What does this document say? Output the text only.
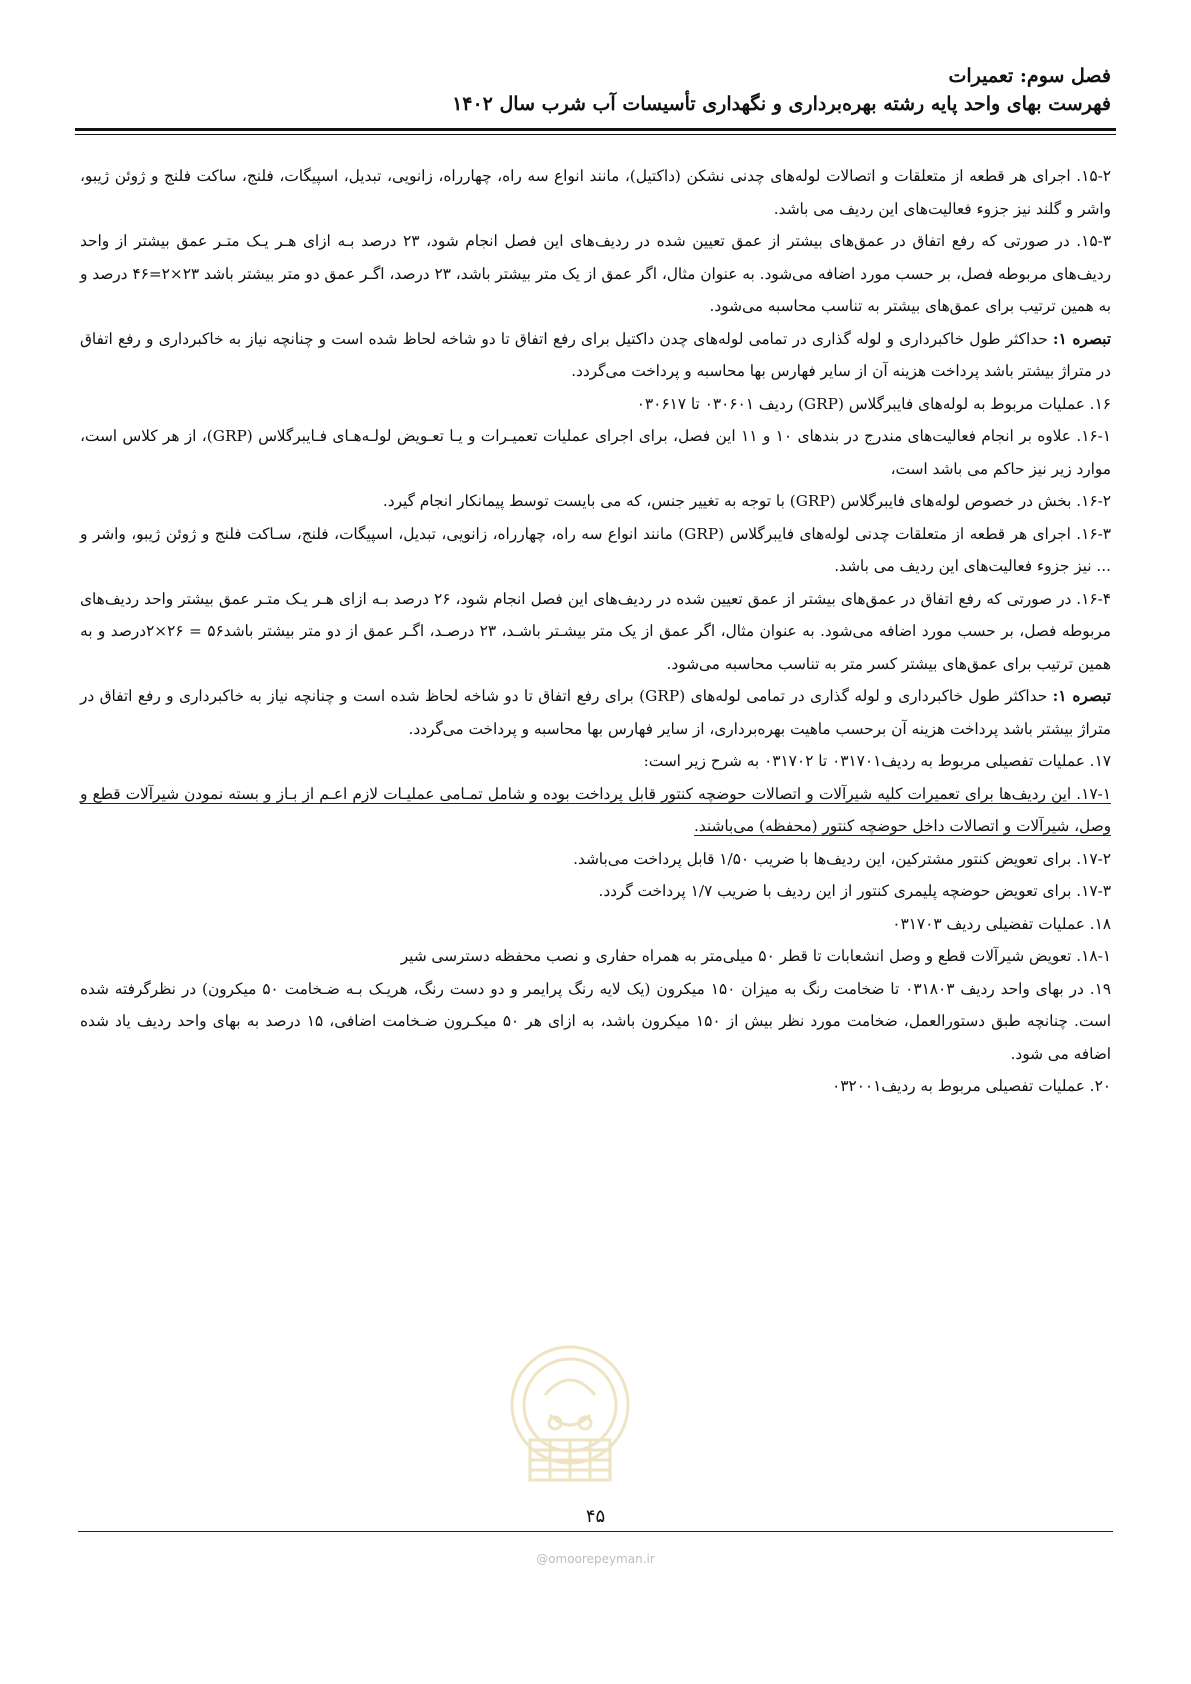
فصل سوم: تعمیرات
فهرست بهای واحد پایه رشته بهره‌برداری و نگهداری تأسیسات آب شرب سال ۱۴۰۲

۱۵-۲. اجرای هر قطعه از متعلقات و اتصالات لوله‌های چدنی نشکن (داکتیل)، مانند انواع سه راه، چهارراه، زانویی، تبدیل، اسپیگات، فلنج، ساکت فلنج و ژوئن ژیبو، واشر و گلند نیز جزوء فعالیت‌های این ردیف می باشد.

۱۵-۳. در صورتی که رفع اتفاق در عمق‌های بیشتر از عمق تعیین شده در ردیف‌های این فصل انجام شود، ۲۳ درصد بـه ازای هـر یـک متـر عمق بیشتر از واحد ردیف‌های مربوطه فصل، بر حسب مورد اضافه می‌شود. به عنوان مثال، اگر عمق از یک متر بیشتر باشد، ۲۳ درصد، اگـر عمق دو متر بیشتر باشد ۲۳×۲=۴۶ درصد و به همین ترتیب برای عمق‌های بیشتر به تناسب محاسبه می‌شود.

تبصره ۱: حداکثر طول خاکبرداری و لوله گذاری در تمامی لوله‌های چدن داکتیل برای رفع اتفاق تا دو شاخه لحاظ شده است و چنانچه نیاز به خاکبرداری و رفع اتفاق در متراژ بیشتر باشد پرداخت هزینه آن از سایر فهارس بها محاسبه و پرداخت می‌گردد.

۱۶. عملیات مربوط به لوله‌های فایبرگلاس (GRP) ردیف ۰۳۰۶۰۱ تا ۰۳۰۶۱۷

۱۶-۱. علاوه بر انجام فعالیت‌های مندرج در بندهای ۱۰ و ۱۱ این فصل، برای اجرای عملیات تعمیـرات و یـا تعـویض لولـه‌هـای فـایبرگلاس (GRP)، از هر کلاس است، موارد زیر نیز حاکم می باشد است،

۱۶-۲. بخش در خصوص لوله‌های فایبرگلاس (GRP) با توجه به تغییر جنس، که می بایست توسط پیمانکار انجام گیرد.

۱۶-۳. اجرای هر قطعه از متعلقات چدنی لوله‌های فایبرگلاس (GRP) مانند انواع سه راه، چهارراه، زانویی، تبدیل، اسپیگات، فلنج، سـاکت فلنج و ژوئن ژیبو، واشر و ... نیز جزوء فعالیت‌های این ردیف می باشد.

۱۶-۴. در صورتی که رفع اتفاق در عمق‌های بیشتر از عمق تعیین شده در ردیف‌های این فصل انجام شود، ۲۶ درصد بـه ازای هـر یـک متـر عمق بیشتر واحد ردیف‌های مربوطه فصل، بر حسب مورد اضافه می‌شود. به عنوان مثال، اگر عمق از یک متر بیشـتر باشـد، ۲۳ درصـد، اگـر عمق از دو متر بیشتر باشد۵۶ = ۲۶×۲درصد و به همین ترتیب برای عمق‌های بیشتر کسر متر به تناسب محاسبه می‌شود.

تبصره ۱: حداکثر طول خاکبرداری و لوله گذاری در تمامی لوله‌های (GRP) برای رفع اتفاق تا دو شاخه لحاظ شده است و چنانچه نیاز به خاکبرداری و رفع اتفاق در متراژ بیشتر باشد پرداخت هزینه آن برحسب ماهیت بهره‌برداری، از سایر فهارس بها محاسبه و پرداخت می‌گردد.

۱۷. عملیات تفصیلی مربوط به ردیف۰۳۱۷۰۱ تا ۰۳۱۷۰۲ به شرح زیر است:

۱۷-۱. این ردیف‌ها برای تعمیرات کلیه شیرآلات و اتصالات حوضچه کنتور قابل پرداخت بوده و شامل تمـامی عملیـات لازم اعـم از بـاز و بسته نمودن شیرآلات قطع و وصل، شیرآلات و اتصالات داخل حوضچه کنتور (محفظه) می‌باشند.

۱۷-۲. برای تعویض کنتور مشترکین، این ردیف‌ها با ضریب ۱/۵۰ قابل پرداخت می‌باشد.

۱۷-۳. برای تعویض حوضچه پلیمری کنتور از این ردیف با ضریب ۱/۷ پرداخت گردد.

۱۸. عملیات تفضیلی ردیف ۰۳۱۷۰۳

۱۸-۱. تعویض شیرآلات قطع و وصل انشعابات تا قطر ۵۰ میلی‌متر به همراه حفاری و نصب محفظه دسترسی شیر

۱۹. در بهای واحد ردیف ۰۳۱۸۰۳ تا ضخامت رنگ به میزان ۱۵۰ میکرون (یک لایه رنگ پرایمر و دو دست رنگ، هریـک بـه ضـخامت ۵۰ میکرون) در نظرگرفته شده است. چنانچه طبق دستورالعمل، ضخامت مورد نظر بیش از ۱۵۰ میکرون باشد، به ازای هر ۵۰ میکـرون ضـخامت اضافی، ۱۵ درصد به بهای واحد ردیف یاد شده اضافه می شود.

۲۰. عملیات تفصیلی مربوط به ردیف۰۳۲۰۰۱

۴۵
@omoorepeyman.ir
